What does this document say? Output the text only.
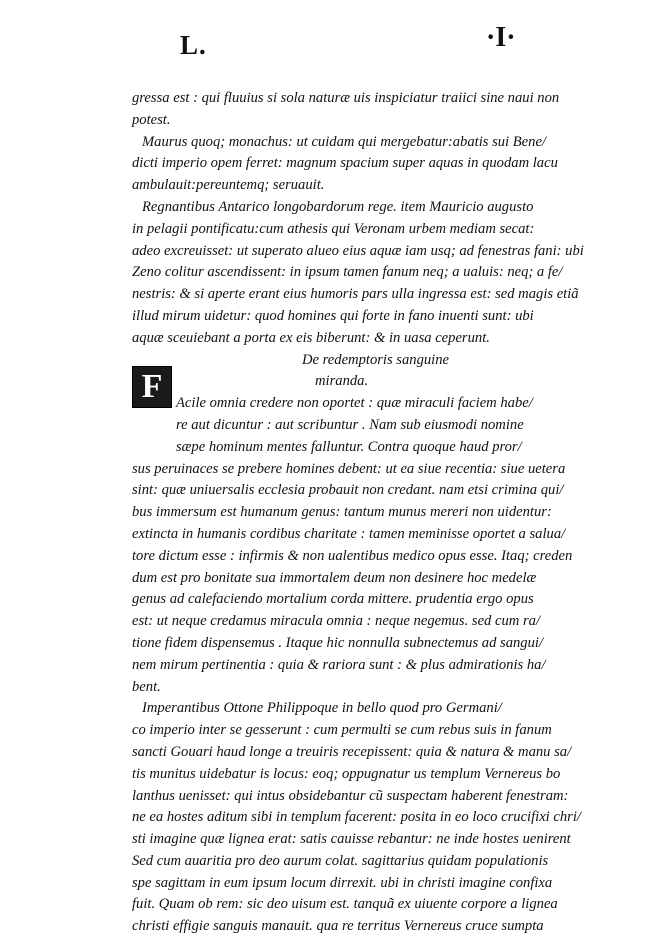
L.	·I·
gressa est : qui fluuius si sola naturæ uis inspiciatur traiici sine naui non
potest.
Maurus quoq; monachus: ut cuidam qui mergebatur:abatis sui Bene/
dicti imperio opem ferret: magnum spacium super aquas in quodam lacu
ambulauit:pereuntemq; seruauit.
Regnantibus Antarico longobardorum rege. item Mauricio augusto
in pelagii pontificatu:cum athesis qui Veronam urbem mediam secat:
adeo excreuisset: ut superato alueo eius aquæ iam usq; ad fenestras fani: ubi
Zeno colitur ascendissent: in ipsum tamen fanum neq; a ualuis: neq; a fe/
nestris: & si aperte erant eius humoris pars ulla ingressa est: sed magis etiã
illud mirum uidetur: quod homines qui forte in fano inuenti sunt: ubi
aquæ sceuiebant a porta ex eis biberunt: & in uasa ceperunt.
De redemptoris sanguine
miranda.
Acile omnia credere non oportet : quæ miraculi faciem habe/
re aut dicuntur : aut scribuntur . Nam sub eiusmodi nomine
sæpe hominum mentes falluntur. Contra quoque haud pror/
sus peruinaces se prebere homines debent: ut ea siue recentia: siue uetera
sint: quæ uniuersalis ecclesia probauit non credant. nam etsi crimina qui/
bus immersum est humanum genus: tantum munus mereri non uidentur:
extincta in humanis cordibus charitate : tamen meminisse oportet a salua/
tore dictum esse : infirmis & non ualentibus medico opus esse. Itaq; creden
dum est pro bonitate sua immortalem deum non desinere hoc medelæ
genus ad calefaciendo mortalium corda mittere. prudentia ergo opus
est: ut neque credamus miracula omnia : neque negemus. sed cum ra/
tione fidem dispensemus . Itaque hic nonnulla subnectemus ad sangui/
nem mirum pertinentia : quia & rariora sunt : & plus admirationis ha/
bent.
Imperantibus Ottone Philippoque in bello quod pro Germani/
co imperio inter se gesserunt : cum permulti se cum rebus suis in fanum
sancti Gouari haud longe a treuiris recepissent: quia & natura & manu sa/
tis munitus uidebatur is locus: eoq; oppugnatur us templum Vernereus bo
lanthus uenisset: qui intus obsidebantur cũ suspectam haberent fenestram:
ne ea hostes aditum sibi in templum facerent: posita in eo loco crucifixi chri/
sti imagine quæ lignea erat: satis cauisse rebantur: ne inde hostes uenirent
Sed cum auaritia pro deo aurum colat. sagittarius quidam populationis
spe sagittam in eum ipsum locum dirrexit. ubi in christi imagine confixa
fuit. Quam ob rem: sic deo uisum est. tanquã ex uiuente corpore a lignea
christi effigie sanguis manauit. qua re territus Vernereus cruce sumpta
F
